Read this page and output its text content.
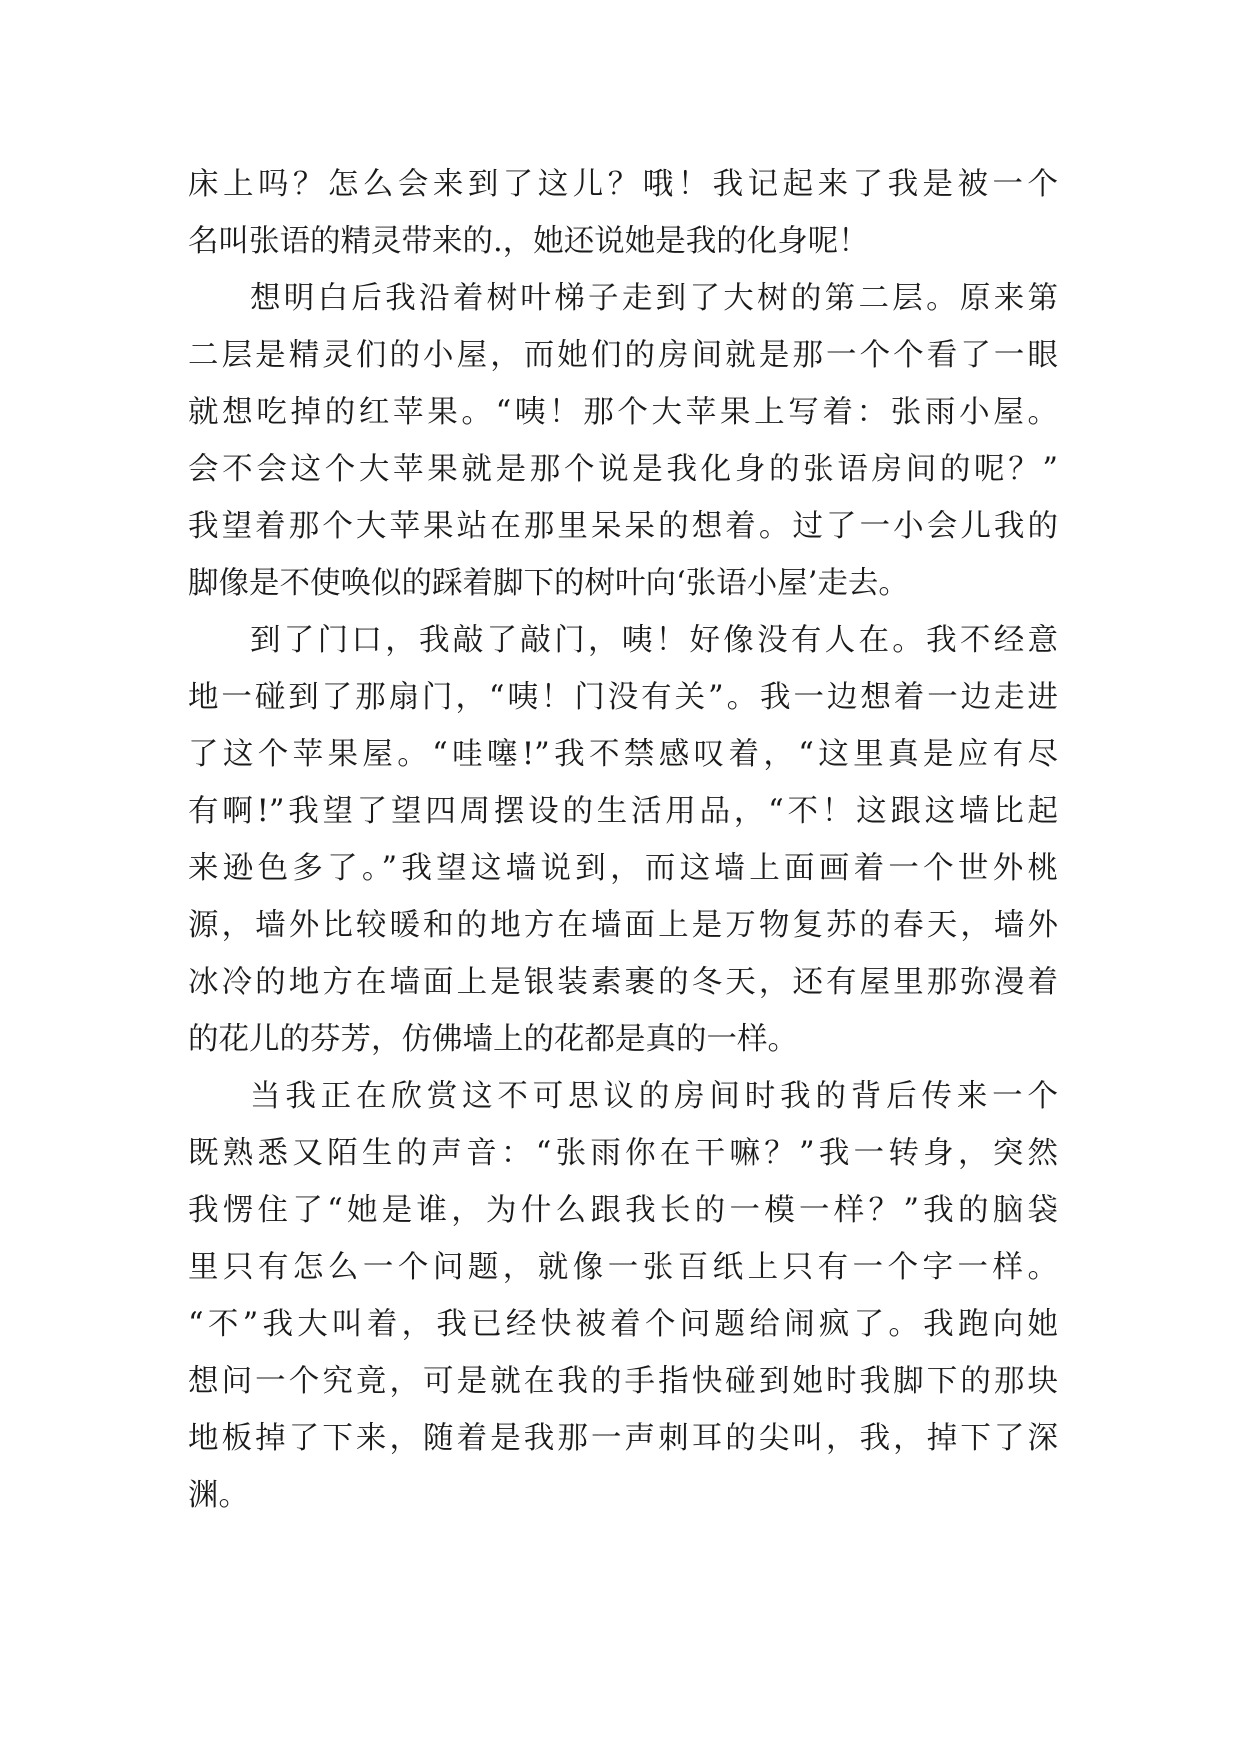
床上吗？怎么会来到了这儿？哦！我记起来了我是被一个
名叫张语的精灵带来的.，她还说她是我的化身呢！
想明白后我沿着树叶梯子走到了大树的第二层。原来第
二层是精灵们的小屋，而她们的房间就是那一个个看了一眼
就想吃掉的红苹果。“咦！那个大苹果上写着：张雨小屋。
会不会这个大苹果就是那个说是我化身的张语房间的呢？”
我望着那个大苹果站在那里呆呆的想着。过了一小会儿我的
脚像是不使唤似的踩着脚下的树叶向‘张语小屋’走去。
到了门口，我敲了敲门，咦！好像没有人在。我不经意
地一碰到了那扇门，“咦！门没有关”。我一边想着一边走进
了这个苹果屋。“哇噻!”我不禁感叹着，“这里真是应有尽
有啊!”我望了望四周摆设的生活用品，“不！这跟这墙比起
来逊色多了。”我望这墙说到，而这墙上面画着一个世外桃
源，墙外比较暖和的地方在墙面上是万物复苏的春天，墙外
冰冷的地方在墙面上是银装素裹的冬天，还有屋里那弥漫着
的花儿的芬芳，仿佛墙上的花都是真的一样。
当我正在欣赏这不可思议的房间时我的背后传来一个
既熟悉又陌生的声音：“张雨你在干嘛？”我一转身，突然
我愣住了“她是谁，为什么跟我长的一模一样？”我的脑袋
里只有怎么一个问题，就像一张百纸上只有一个字一样。
“不”我大叫着，我已经快被着个问题给闹疯了。我跑向她
想问一个究竟，可是就在我的手指快碰到她时我脚下的那块
地板掉了下来，随着是我那一声刺耳的尖叫，我，掉下了深
渊。
